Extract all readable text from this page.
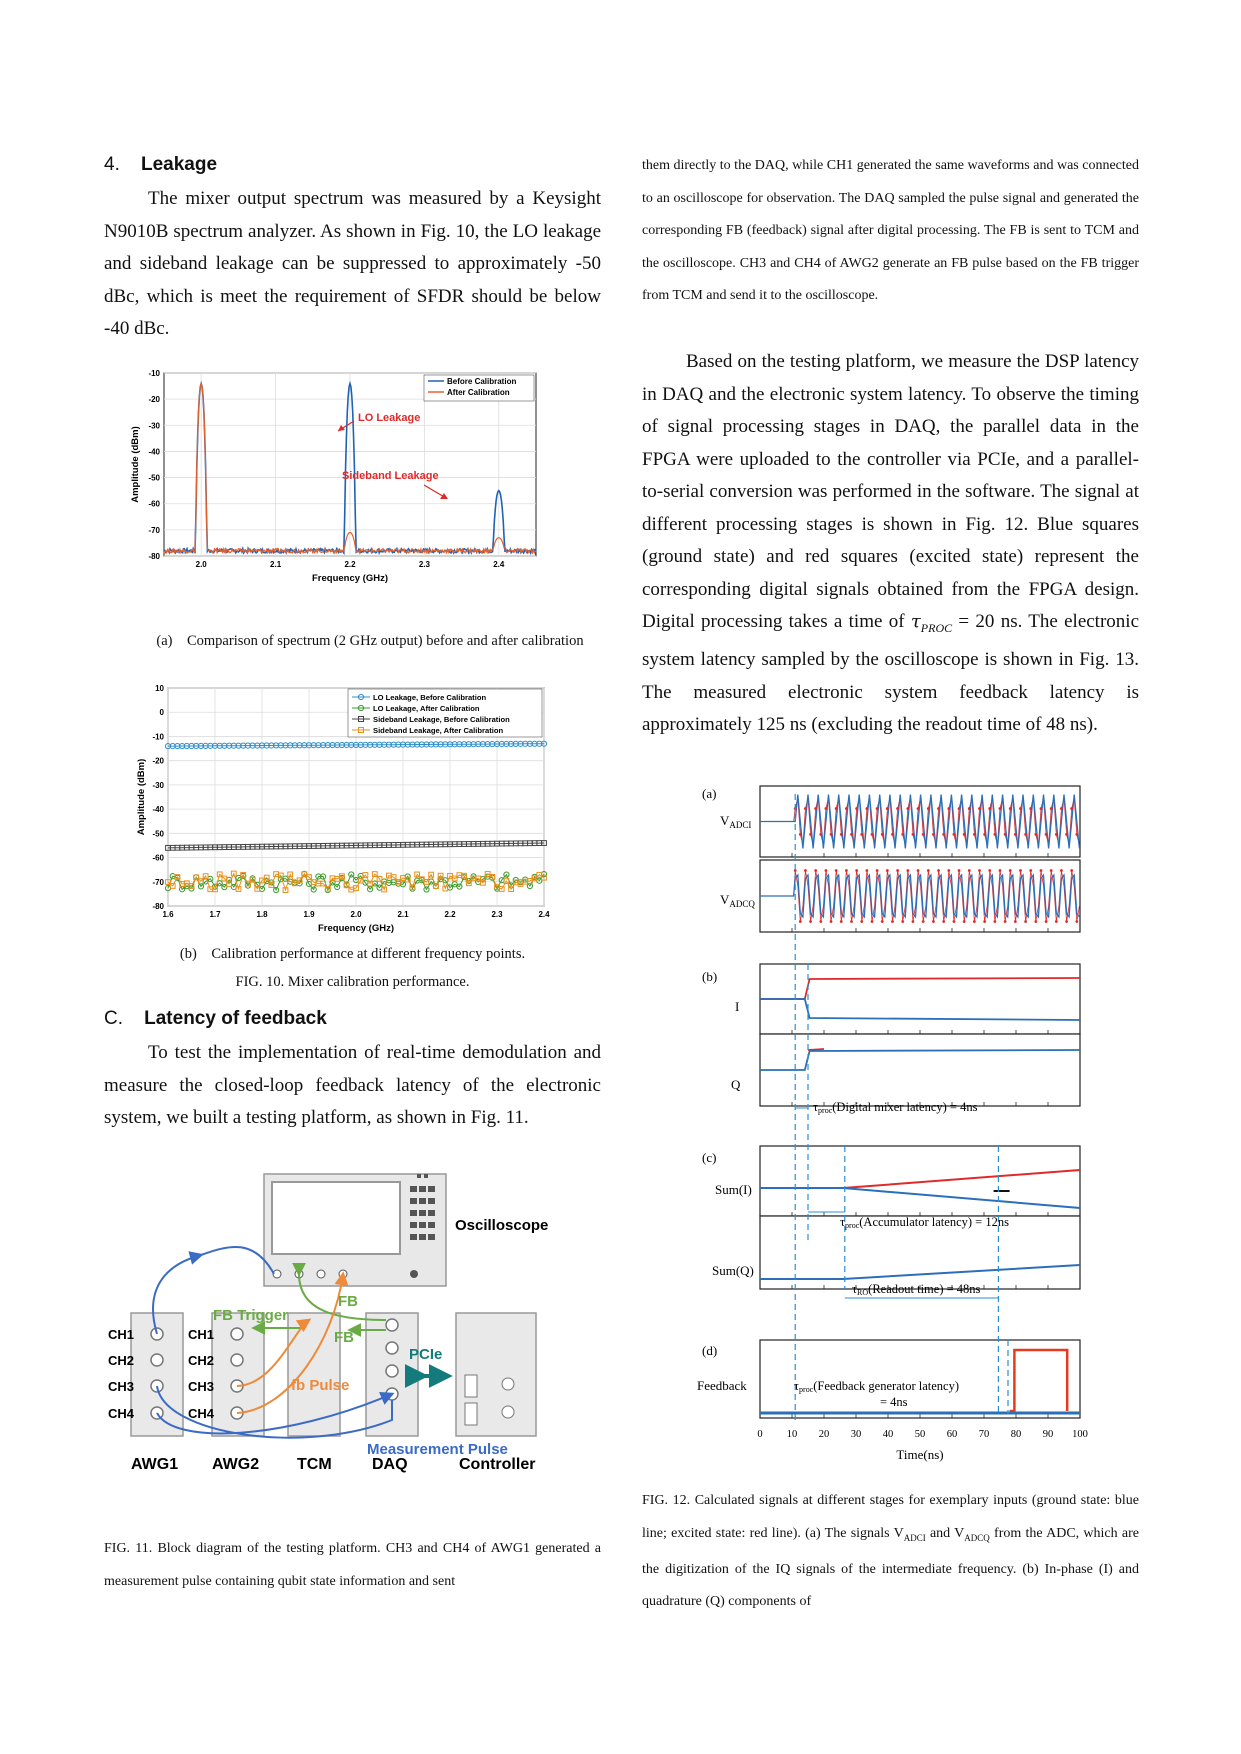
4. Leakage
The mixer output spectrum was measured by a Keysight N9010B spectrum analyzer. As shown in Fig. 10, the LO leakage and sideband leakage can be suppressed to approximately -50 dBc, which is meet the requirement of SFDR should be below -40 dBc.
-10
-20
-30
-40
-50
-60
-70
-80
2.0	2.1	2.2	2.3	2.4
Frequency (GHz)
Amplitude (dBm)
Before Calibration
After Calibration
LO Leakage
Sideband Leakage
(a) Comparison of spectrum (2 GHz output) before and after calibration
10
0
-10
-20
-30
-40
-50
-60
-70
-80
1.6	1.7	1.8	1.9	2.0	2.1	2.2	2.3	2.4
Frequency (GHz)
Amplitude (dBm)
LO Leakage, Before Calibration
LO Leakage, After Calibration
Sideband Leakage, Before Calibration
Sideband Leakage, After Calibration
(b) Calibration performance at different frequency points.
FIG. 10. Mixer calibration performance.
C. Latency of feedback
To test the implementation of real-time demodulation and measure the closed-loop feedback latency of the electronic system, we built a testing platform, as shown in Fig. 11.
Oscilloscope
CH1
CH2
CH3
CH4
CH1
CH2
CH3
CH4
FB Trigger
FB
FB
fb Pulse
PCIe
Measurement Pulse
AWG1 AWG2 TCM	DAQ	Controller
FIG. 11. Block diagram of the testing platform. CH3 and CH4 of AWG1 generated a measurement pulse containing qubit state information and sent
them directly to the DAQ, while CH1 generated the same waveforms and was connected to an oscilloscope for observation. The DAQ sampled the pulse signal and generated the corresponding FB (feedback) signal after digital processing. The FB is sent to TCM and the oscilloscope. CH3 and CH4 of AWG2 generate an FB pulse based on the FB trigger from TCM and send it to the oscilloscope.
Based on the testing platform, we measure the DSP latency in DAQ and the electronic system latency. To observe the timing of signal processing stages in DAQ, the parallel data in the FPGA were uploaded to the controller via PCIe, and a parallel-to-serial conversion was performed in the software. The signal at different processing stages is shown in Fig. 12. Blue squares (ground state) and red squares (excited state) represent the corresponding digital signals obtained from the FPGA design. Digital processing takes a time of $\tau_{PROC} = 20$ ns. The electronic system latency sampled by the oscilloscope is shown in Fig. 13. The measured electronic system feedback latency is approximately 125 ns (excluding the readout time of 48 ns).
0 10 20 30 40 50 60 70 80 90 100
(a)
(b)
(c)
(d)
$V_{ADCI}$
$V_{ADCQ}$
I
Q
Sum(I)
Sum(Q)
Feedback
τproc(Digital mixer latency) = 4ns
τproc(Accumulator latency) = 12ns
τRO(Readout time) = 48ns
τproc(Feedback generator latency)
= 4ns
Time(ns)
FIG. 12. Calculated signals at different stages for exemplary inputs (ground state: blue line; excited state: red line). (a) The signals $V_{ADCI}$ and $V_{ADCQ}$ from the ADC, which are the digitization of the IQ signals of the intermediate frequency. (b) In-phase (I) and quadrature (Q) components of
